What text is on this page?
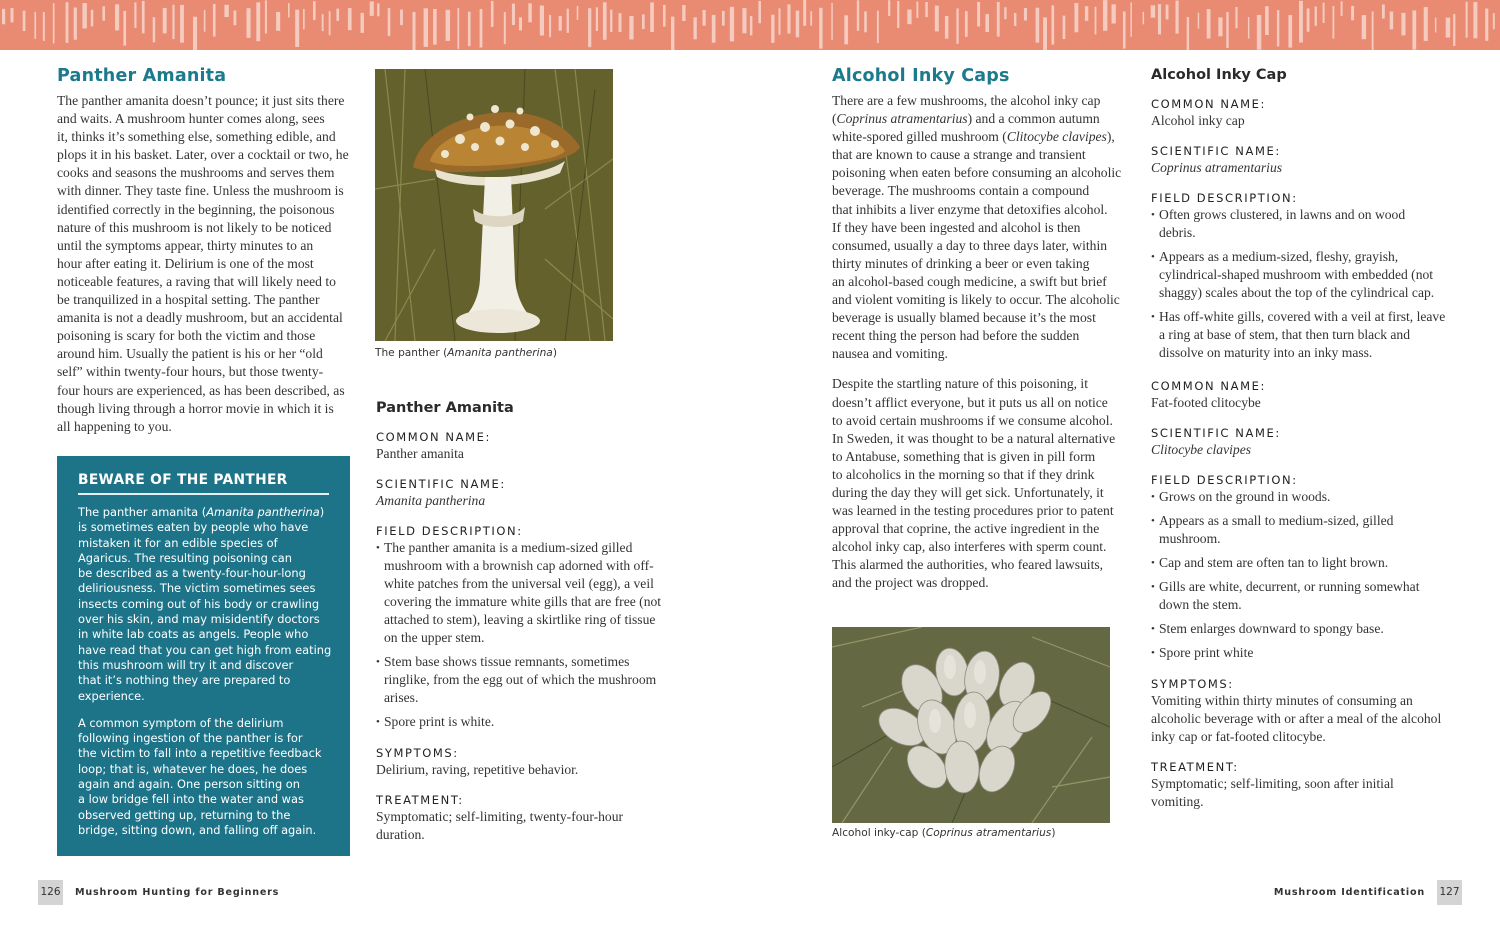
Panther Amanita
The panther amanita doesn’t pounce; it just sits there
and waits. A mushroom hunter comes along, sees
it, thinks it’s something else, something edible, and
plops it in his basket. Later, over a cocktail or two, he
cooks and seasons the mushrooms and serves them
with dinner. They taste fine. Unless the mushroom is
identified correctly in the beginning, the poisonous
nature of this mushroom is not likely to be noticed
until the symptoms appear, thirty minutes to an
hour after eating it. Delirium is one of the most
noticeable features, a raving that will likely need to
be tranquilized in a hospital setting. The panther
amanita is not a deadly mushroom, but an accidental
poisoning is scary for both the victim and those
around him. Usually the patient is his or her “old
self” within twenty-four hours, but those twenty-
four hours are experienced, as has been described, as
though living through a horror movie in which it is
all happening to you.
BEWARE OF THE PANTHER
The panther amanita (Amanita pantherina)
is sometimes eaten by people who have
mistaken it for an edible species of
Agaricus. The resulting poisoning can
be described as a twenty-four-hour-long
deliriousness. The victim sometimes sees
insects coming out of his body or crawling
over his skin, and may misidentify doctors
in white lab coats as angels. People who
have read that you can get high from eating
this mushroom will try it and discover
that it’s nothing they are prepared to
experience.
A common symptom of the delirium
following ingestion of the panther is for
the victim to fall into a repetitive feedback
loop; that is, whatever he does, he does
again and again. One person sitting on
a low bridge fell into the water and was
observed getting up, returning to the
bridge, sitting down, and falling off again.
The panther (Amanita pantherina)
Panther Amanita
COMMON NAME:
Panther amanita
SCIENTIFIC NAME:
Amanita pantherina
FIELD DESCRIPTION:
• The panther amanita is a medium-sized gilled
mushroom with a brownish cap adorned with off-
white patches from the universal veil (egg), a veil
covering the immature white gills that are free (not
attached to stem), leaving a skirtlike ring of tissue
on the upper stem.
• Stem base shows tissue remnants, sometimes
ringlike, from the egg out of which the mushroom
arises.
• Spore print is white.
SYMPTOMS:
Delirium, raving, repetitive behavior.
TREATMENT:
Symptomatic; self-limiting, twenty-four-hour
duration.
Alcohol Inky Caps
There are a few mushrooms, the alcohol inky cap
(Coprinus atramentarius) and a common autumn
white-spored gilled mushroom (Clitocybe clavipes),
that are known to cause a strange and transient
poisoning when eaten before consuming an alcoholic
beverage. The mushrooms contain a compound
that inhibits a liver enzyme that detoxifies alcohol.
If they have been ingested and alcohol is then
consumed, usually a day to three days later, within
thirty minutes of drinking a beer or even taking
an alcohol-based cough medicine, a swift but brief
and violent vomiting is likely to occur. The alcoholic
beverage is usually blamed because it’s the most
recent thing the person had before the sudden
nausea and vomiting.
Despite the startling nature of this poisoning, it
doesn’t afflict everyone, but it puts us all on notice
to avoid certain mushrooms if we consume alcohol.
In Sweden, it was thought to be a natural alternative
to Antabuse, something that is given in pill form
to alcoholics in the morning so that if they drink
during the day they will get sick. Unfortunately, it
was learned in the testing procedures prior to patent
approval that coprine, the active ingredient in the
alcohol inky cap, also interferes with sperm count.
This alarmed the authorities, who feared lawsuits,
and the project was dropped.
Alcohol inky-cap (Coprinus atramentarius)
Alcohol Inky Cap
COMMON NAME:
Alcohol inky cap
SCIENTIFIC NAME:
Coprinus atramentarius
FIELD DESCRIPTION:
• Often grows clustered, in lawns and on wood
debris.
• Appears as a medium-sized, fleshy, grayish,
cylindrical-shaped mushroom with embedded (not
shaggy) scales about the top of the cylindrical cap.
• Has off-white gills, covered with a veil at first, leave
a ring at base of stem, that then turn black and
dissolve on maturity into an inky mass.
COMMON NAME:
Fat-footed clitocybe
SCIENTIFIC NAME:
Clitocybe clavipes
FIELD DESCRIPTION:
• Grows on the ground in woods.
• Appears as a small to medium-sized, gilled
mushroom.
• Cap and stem are often tan to light brown.
• Gills are white, decurrent, or running somewhat
down the stem.
• Stem enlarges downward to spongy base.
• Spore print white
SYMPTOMS:
Vomiting within thirty minutes of consuming an
alcoholic beverage with or after a meal of the alcohol
inky cap or fat-footed clitocybe.
TREATMENT:
Symptomatic; self-limiting, soon after initial
vomiting.
126 Mushroom Hunting for Beginners	Mushroom Identification 127
